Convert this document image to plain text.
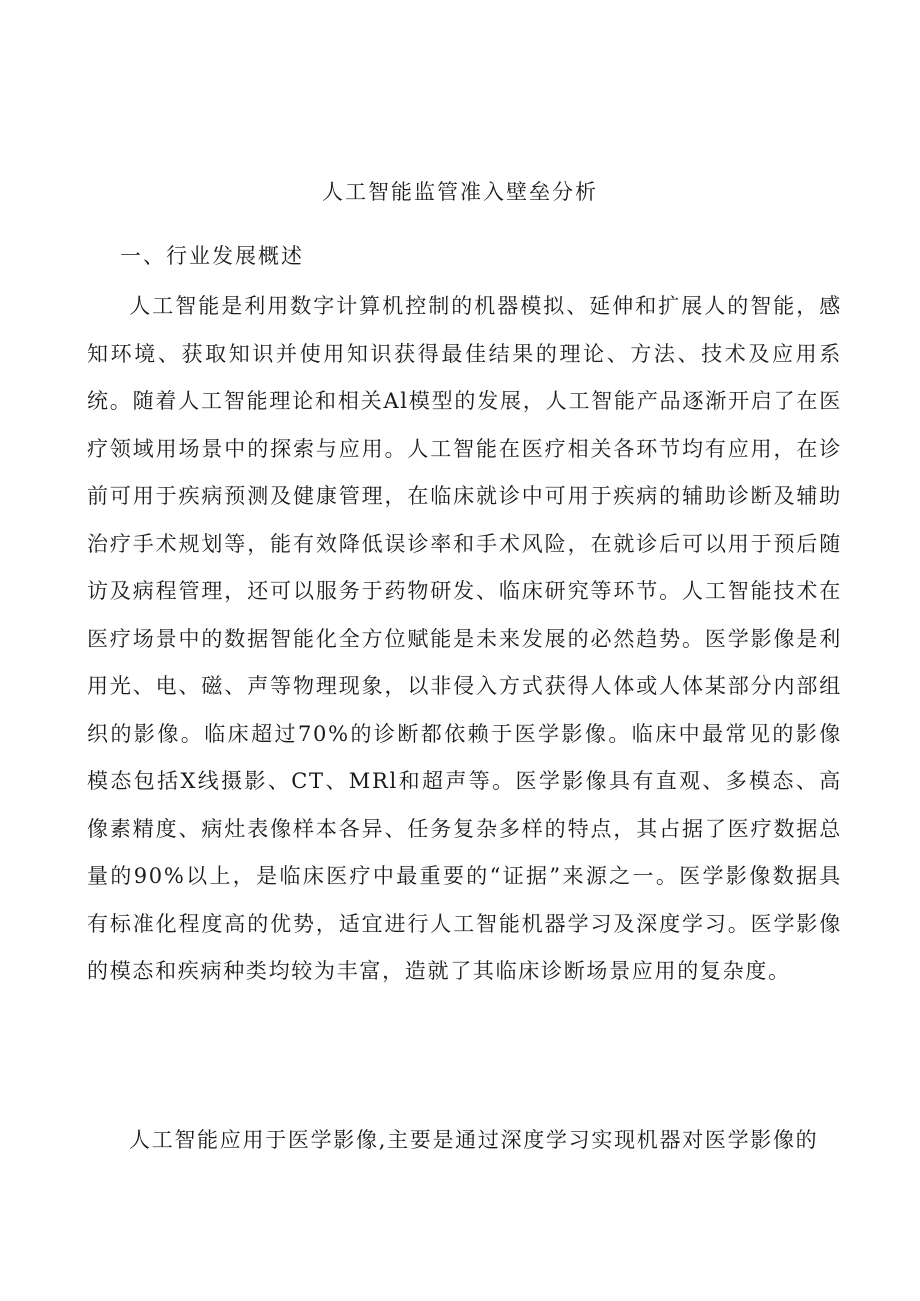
人工智能监管准入壁垒分析
一、行业发展概述

人工智能是利用数字计算机控制的机器模拟、延伸和扩展人的智能，感知环境、获取知识并使用知识获得最佳结果的理论、方法、技术及应用系统。随着人工智能理论和相关Al模型的发展，人工智能产品逐渐开启了在医疗领域用场景中的探索与应用。人工智能在医疗相关各环节均有应用，在诊前可用于疾病预测及健康管理，在临床就诊中可用于疾病的辅助诊断及辅助治疗手术规划等，能有效降低误诊率和手术风险，在就诊后可以用于预后随访及病程管理，还可以服务于药物研发、临床研究等环节。人工智能技术在医疗场景中的数据智能化全方位赋能是未来发展的必然趋势。医学影像是利用光、电、磁、声等物理现象，以非侵入方式获得人体或人体某部分内部组织的影像。临床超过70%的诊断都依赖于医学影像。临床中最常见的影像模态包括X线摄影、CT、MRl和超声等。医学影像具有直观、多模态、高像素精度、病灶表像样本各异、任务复杂多样的特点，其占据了医疗数据总量的90%以上，是临床医疗中最重要的“证据”来源之一。医学影像数据具有标准化程度高的优势，适宜进行人工智能机器学习及深度学习。医学影像的模态和疾病种类均较为丰富，造就了其临床诊断场景应用的复杂度。

人工智能应用于医学影像,主要是通过深度学习实现机器对医学影像的
